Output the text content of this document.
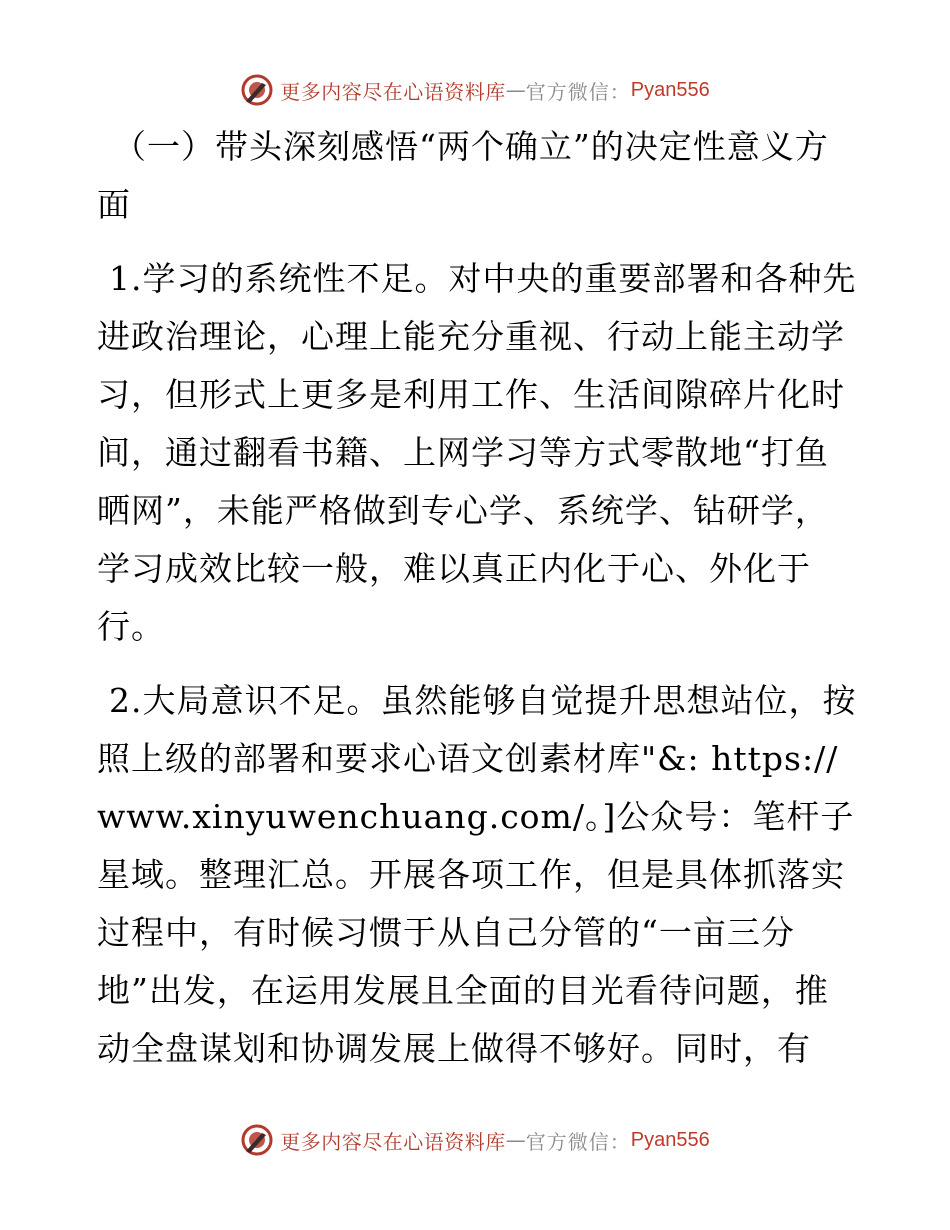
更多内容尽在心语资料库 — 官方微信： Pyan556

（一）带头深刻感悟“两个确立”的决定性意义方面

1.学习的系统性不足。对中央的重要部署和各种先进政治理论，心理上能充分重视、行动上能主动学习，但形式上更多是利用工作、生活间隙碎片化时间，通过翻看书籍、上网学习等方式零散地“打鱼晒网”，未能严格做到专心学、系统学、钻研学，学习成效比较一般，难以真正内化于心、外化于行。

2.大局意识不足。虽然能够自觉提升思想站位，按照上级的部署和要求心语文创素材库"&: https://www.xinyuwenchuang.com/。]公众号：笔杆子星域。整理汇总。开展各项工作，但是具体抓落实过程中，有时候习惯于从自己分管的“一亩三分地”出发，在运用发展且全面的目光看待问题，推动全盘谋划和协调发展上做得不够好。同时，有

更多内容尽在心语资料库 — 官方微信： Pyan556
